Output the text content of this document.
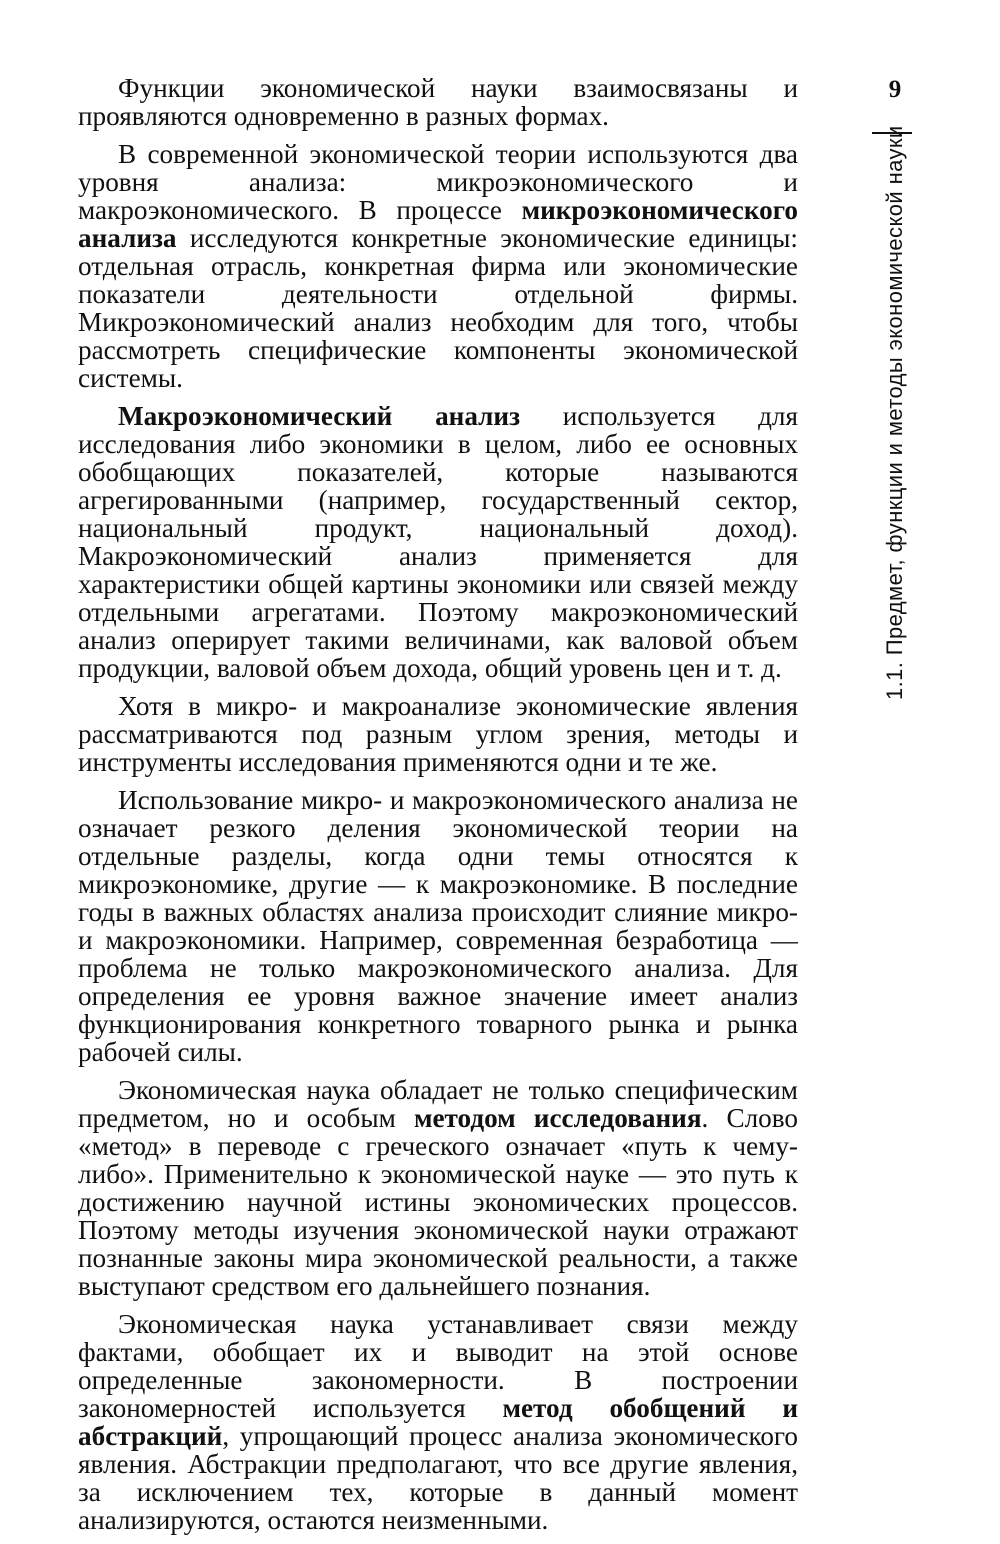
9
1.1. Предмет, функции и методы экономической науки

Функции экономической науки взаимосвязаны и проявляются одновременно в разных формах.

В современной экономической теории используются два уровня анализа: микроэкономического и макроэкономического. В процессе микроэкономического анализа исследуются конкретные экономические единицы: отдельная отрасль, конкретная фирма или экономические показатели деятельности отдельной фирмы. Микроэкономический анализ необходим для того, чтобы рассмотреть специфические компоненты экономической системы.

Макроэкономический анализ используется для исследования либо экономики в целом, либо ее основных обобщающих показателей, которые называются агрегированными (например, государственный сектор, национальный продукт, национальный доход). Макроэкономический анализ применяется для характеристики общей картины экономики или связей между отдельными агрегатами. Поэтому макроэкономический анализ оперирует такими величинами, как валовой объем продукции, валовой объем дохода, общий уровень цен и т. д.

Хотя в микро- и макроанализе экономические явления рассматриваются под разным углом зрения, методы и инструменты исследования применяются одни и те же.

Использование микро- и макроэкономического анализа не означает резкого деления экономической теории на отдельные разделы, когда одни темы относятся к микроэкономике, другие — к макроэкономике. В последние годы в важных областях анализа происходит слияние микро- и макроэкономики. Например, современная безработица — проблема не только макроэкономического анализа. Для определения ее уровня важное значение имеет анализ функционирования конкретного товарного рынка и рынка рабочей силы.

Экономическая наука обладает не только специфическим предметом, но и особым методом исследования. Слово «метод» в переводе с греческого означает «путь к чему-либо». Применительно к экономической науке — это путь к достижению научной истины экономических процессов. Поэтому методы изучения экономической науки отражают познанные законы мира экономической реальности, а также выступают средством его дальнейшего познания.

Экономическая наука устанавливает связи между фактами, обобщает их и выводит на этой основе определенные закономерности. В построении закономерностей используется метод обобщений и абстракций, упрощающий процесс анализа экономического явления. Абстракции предполагают, что все другие явления, за исключением тех, которые в данный момент анализируются, остаются неизменными.
